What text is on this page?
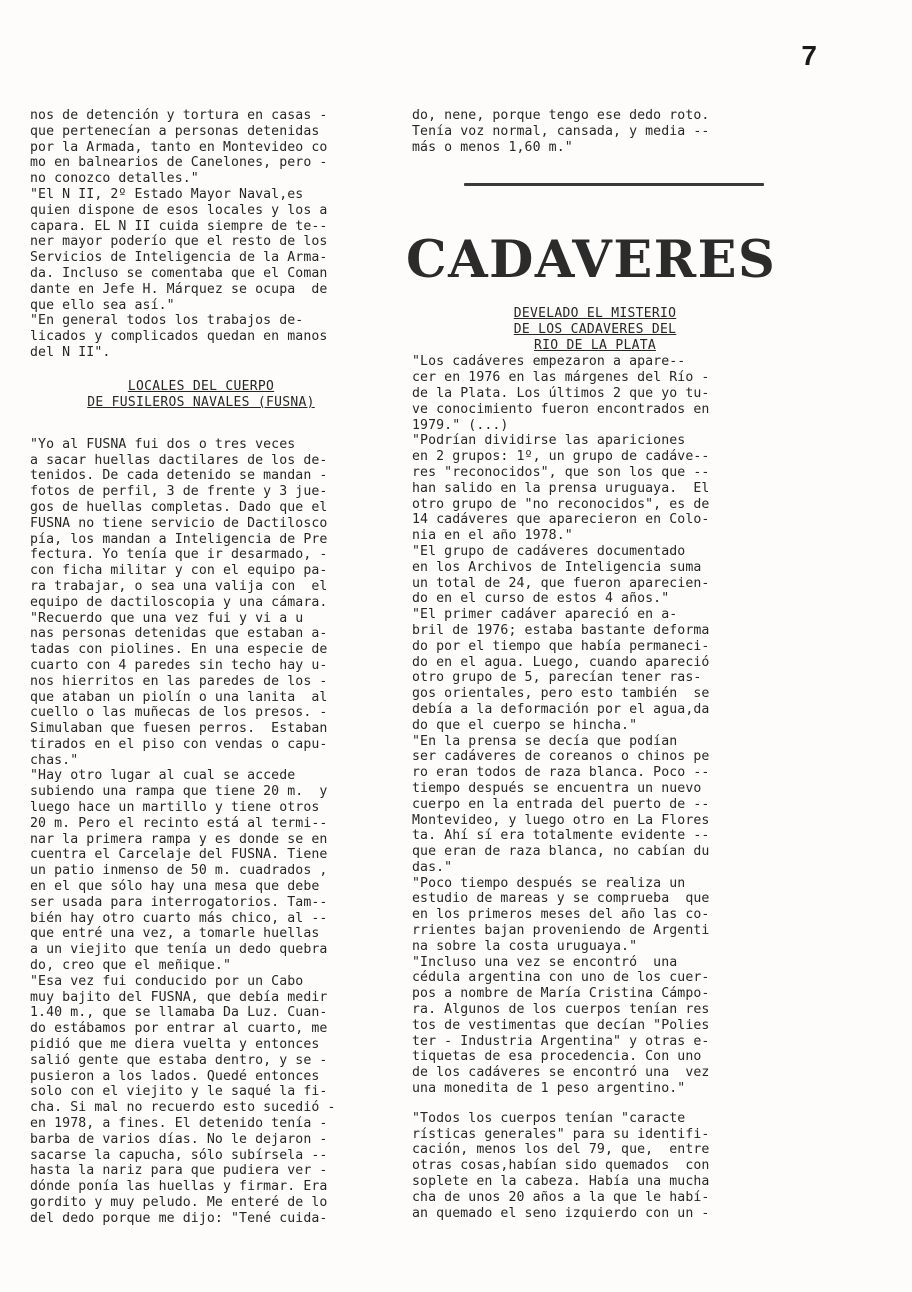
7

nos de detención y tortura en casas -
que pertenecían a personas detenidas
por la Armada, tanto en Montevideo co
mo en balnearios de Canelones, pero -
no conozco detalles."

"El N II, 2º Estado Mayor Naval,es
quien dispone de esos locales y los a
capara. EL N II cuida siempre de te--
ner mayor poderío que el resto de los
Servicios de Inteligencia de la Arma-
da. Incluso se comentaba que el Coman
dante en Jefe H. Márquez se ocupa  de
que ello sea así."

"En general todos los trabajos de-
licados y complicados quedan en manos
del N II".

LOCALES DEL CUERPO
DE FUSILEROS NAVALES (FUSNA)

"Yo al FUSNA fui dos o tres veces
a sacar huellas dactilares de los de-
tenidos. De cada detenido se mandan -
fotos de perfil, 3 de frente y 3 jue-
gos de huellas completas. Dado que el
FUSNA no tiene servicio de Dactilosco
pía, los mandan a Inteligencia de Pre
fectura. Yo tenía que ir desarmado, -
con ficha militar y con el equipo pa-
ra trabajar, o sea una valija con  el
equipo de dactiloscopia y una cámara.

"Recuerdo que una vez fui y vi a u
nas personas detenidas que estaban a-
tadas con piolines. En una especie de
cuarto con 4 paredes sin techo hay u-
nos hierritos en las paredes de los -
que ataban un piolín o una lanita  al
cuello o las muñecas de los presos. -
Simulaban que fuesen perros.  Estaban
tirados en el piso con vendas o capu-
chas."

"Hay otro lugar al cual se accede
subiendo una rampa que tiene 20 m.  y
luego hace un martillo y tiene otros
20 m. Pero el recinto está al termi--
nar la primera rampa y es donde se en
cuentra el Carcelaje del FUSNA. Tiene
un patio inmenso de 50 m. cuadrados ,
en el que sólo hay una mesa que debe
ser usada para interrogatorios. Tam--
bién hay otro cuarto más chico, al --
que entré una vez, a tomarle huellas
a un viejito que tenía un dedo quebra
do, creo que el meñique."

"Esa vez fui conducido por un Cabo
muy bajito del FUSNA, que debía medir
1.40 m., que se llamaba Da Luz. Cuan-
do estábamos por entrar al cuarto, me
pidió que me diera vuelta y entonces
salió gente que estaba dentro, y se -
pusieron a los lados. Quedé entonces
solo con el viejito y le saqué la fi-
cha. Si mal no recuerdo esto sucedió -
en 1978, a fines. El detenido tenía -
barba de varios días. No le dejaron -
sacarse la capucha, sólo subírsela --
hasta la nariz para que pudiera ver -
dónde ponía las huellas y firmar. Era
gordito y muy peludo. Me enteré de lo
del dedo porque me dijo: "Tené cuida-

do, nene, porque tengo ese dedo roto.
Tenía voz normal, cansada, y media --
más o menos 1,60 m."

CADAVERES
DEVELADO EL MISTERIO
DE LOS CADAVERES DEL
RIO DE LA PLATA

"Los cadáveres empezaron a apare--
cer en 1976 en las márgenes del Río -
de la Plata. Los últimos 2 que yo tu-
ve conocimiento fueron encontrados en
1979." (...)

"Podrían dividirse las apariciones
en 2 grupos: 1º, un grupo de cadáve--
res "reconocidos", que son los que --
han salido en la prensa uruguaya.  El
otro grupo de "no reconocidos", es de
14 cadáveres que aparecieron en Colo-
nia en el año 1978."

"El grupo de cadáveres documentado
en los Archivos de Inteligencia suma
un total de 24, que fueron aparecien-
do en el curso de estos 4 años."

"El primer cadáver apareció en a-
bril de 1976; estaba bastante deforma
do por el tiempo que había permaneci-
do en el agua. Luego, cuando apareció
otro grupo de 5, parecían tener ras-
gos orientales, pero esto también  se
debía a la deformación por el agua,da
do que el cuerpo se hincha."

"En la prensa se decía que podían
ser cadáveres de coreanos o chinos pe
ro eran todos de raza blanca. Poco --
tiempo después se encuentra un nuevo
cuerpo en la entrada del puerto de --
Montevideo, y luego otro en La Flores
ta. Ahí sí era totalmente evidente --
que eran de raza blanca, no cabían du
das."

"Poco tiempo después se realiza un
estudio de mareas y se comprueba  que
en los primeros meses del año las co-
rrientes bajan proveniendo de Argenti
na sobre la costa uruguaya."

"Incluso una vez se encontró  una
cédula argentina con uno de los cuer-
pos a nombre de María Cristina Cámpo-
ra. Algunos de los cuerpos tenían res
tos de vestimentas que decían "Polies
ter - Industria Argentina" y otras e-
tiquetas de esa procedencia. Con uno
de los cadáveres se encontró una  vez
una monedita de 1 peso argentino."

"Todos los cuerpos tenían "caracte
rísticas generales" para su identifi-
cación, menos los del 79, que,  entre
otras cosas,habían sido quemados  con
soplete en la cabeza. Había una mucha
cha de unos 20 años a la que le habí-
an quemado el seno izquierdo con un -
